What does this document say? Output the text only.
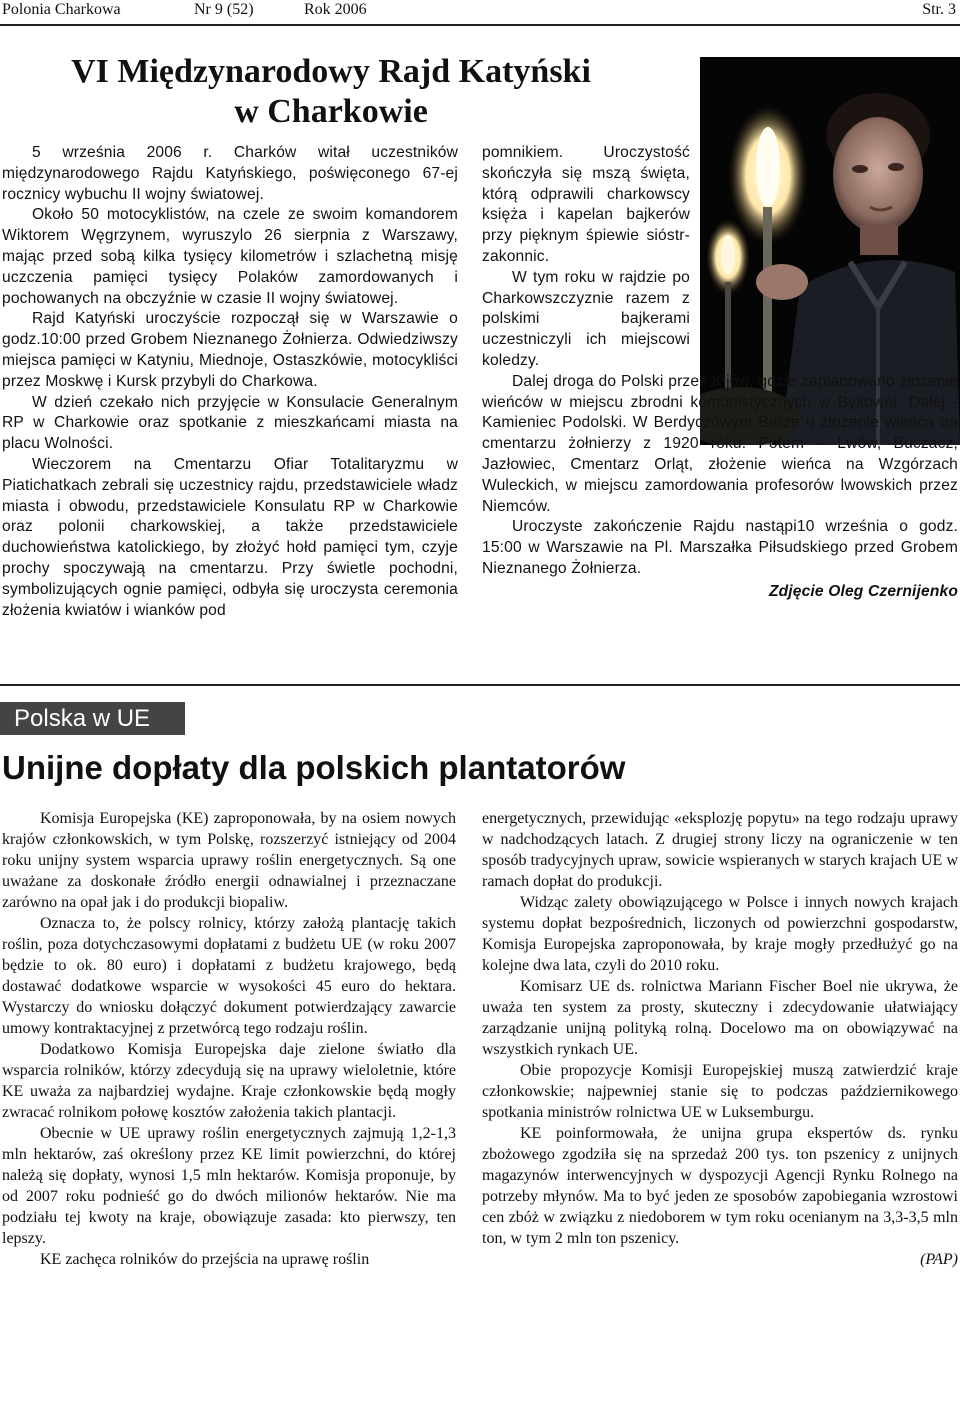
Polonia Charkowa	Nr 9 (52)	Rok 2006	Str. 3
VI Międzynarodowy Rajd Katyński
w Charkowie

5 września 2006 r. Charków witał uczestników międzynarodowego Rajdu Katyńskiego, poświęconego 67-ej rocznicy wybuchu II wojny światowej.

Około 50 motocyklistów, na czele ze swoim komandorem Wiktorem Węgrzynem, wyruszylo 26 sierpnia z Warszawy, mając przed sobą kilka tysięcy kilometrów i szlachetną misję uczczenia pamięci tysięcy Polaków zamordowanych i pochowanych na obczyźnie w czasie II wojny światowej.

Rajd Katyński uroczyście rozpoczął się w Warszawie o godz.10:00 przed Grobem Nieznanego Żołnierza. Odwiedziwszy miejsca pamięci w Katyniu, Miednoje, Ostaszkówie, motocykliści przez Moskwę i Kursk przybyli do Charkowa.

W dzień czekało nich przyjęcie w Konsulacie Generalnym RP w Charkowie oraz spotkanie z mieszkańcami miasta na placu Wolności.

Wieczorem na Cmentarzu Ofiar Totalitaryzmu w Piatichatkach zebrali się uczestnicy rajdu, przedstawiciele władz miasta i obwodu, przedstawiciele Konsulatu RP w Charkowie oraz polonii charkowskiej, a także przedstawiciele duchowieństwa katolickiego, by złożyć hołd pamięci tym, czyje prochy spoczywają na cmentarzu. Przy świetle pochodni, symbolizujących ognie pamięci, odbyła się uroczysta ceremonia złożenia kwiatów i wianków pod

pomnikiem. Uroczystość skończyła się mszą święta, którą odprawili charkowscy księża i kapelan bajkerów przy pięknym śpiewie sióstr-zakonnic.

W tym roku w rajdzie po Charkowszczyznie razem z polskimi bajkerami uczestniczyli ich miejscowi koledzy.

Dalej droga do Polski przez Kijów, gdzie zaplanowano złożenie wieńców w miejscu zbrodni komunistycznych w Bykowni. Dalej - Kamieniec Podolski. W Berdyczówym Barze u złożenie wieńca na cmentarzu żołnierzy z 1920 roku. Potem – Lwów, Buczacz, Jazłowiec, Cmentarz Orląt, złożenie wieńca na Wzgórzach Wuleckich, w miejscu zamordowania profesorów lwowskich przez Niemców.

Uroczyste zakończenie Rajdu nastąpi10 września o godz. 15:00 w Warszawie na Pl. Marszałka Piłsudskiego przed Grobem Nieznanego Żołnierza.

Zdjęcie Oleg Czernijenko

Polska w UE
Unijne dopłaty dla polskich plantatorów

Komisja Europejska (KE) zaproponowała, by na osiem nowych krajów członkowskich, w tym Polskę, rozszerzyć istniejący od 2004 roku unijny system wsparcia uprawy roślin energetycznych. Są one uważane za doskonałe źródło energii odnawialnej i przeznaczane zarówno na opał jak i do produkcji biopaliw.

Oznacza to, że polscy rolnicy, którzy założą plantację takich roślin, poza dotychczasowymi dopłatami z budżetu UE (w roku 2007 będzie to ok. 80 euro) i dopłatami z budżetu krajowego, będą dostawać dodatkowe wsparcie w wysokości 45 euro do hektara. Wystarczy do wniosku dołączyć dokument potwierdzający zawarcie umowy kontraktacyjnej z przetwórcą tego rodzaju roślin.

Dodatkowo Komisja Europejska daje zielone światło dla wsparcia rolników, którzy zdecydują się na uprawy wieloletnie, które KE uważa za najbardziej wydajne. Kraje członkowskie będą mogły zwracać rolnikom połowę kosztów założenia takich plantacji.

Obecnie w UE uprawy roślin energetycznych zajmują 1,2-1,3 mln hektarów, zaś określony przez KE limit powierzchni, do której należą się dopłaty, wynosi 1,5 mln hektarów. Komisja proponuje, by od 2007 roku podnieść go do dwóch milionów hektarów. Nie ma podziału tej kwoty na kraje, obowiązuje zasada: kto pierwszy, ten lepszy.

KE zachęca rolników do przejścia na uprawę roślin

energetycznych, przewidując «eksplozję popytu» na tego rodzaju uprawy w nadchodzących latach. Z drugiej strony liczy na ograniczenie w ten sposób tradycyjnych upraw, sowicie wspieranych w starych krajach UE w ramach dopłat do produkcji.

Widząc zalety obowiązującego w Polsce i innych nowych krajach systemu dopłat bezpośrednich, liczonych od powierzchni gospodarstw, Komisja Europejska zaproponowała, by kraje mogły przedłużyć go na kolejne dwa lata, czyli do 2010 roku.

Komisarz UE ds. rolnictwa Mariann Fischer Boel nie ukrywa, że uważa ten system za prosty, skuteczny i zdecydowanie ułatwiający zarządzanie unijną polityką rolną. Docelowo ma on obowiązywać na wszystkich rynkach UE.

Obie propozycje Komisji Europejskiej muszą zatwierdzić kraje członkowskie; najpewniej stanie się to podczas październikowego spotkania ministrów rolnictwa UE w Luksemburgu.

KE poinformowała, że unijna grupa ekspertów ds. rynku zbożowego zgodziła się na sprzedaż 200 tys. ton pszenicy z unijnych magazynów interwencyjnych w dyspozycji Agencji Rynku Rolnego na potrzeby młynów. Ma to być jeden ze sposobów zapobiegania wzrostowi cen zbóż w związku z niedoborem w tym roku ocenianym na 3,3-3,5 mln ton, w tym 2 mln ton pszenicy.

(PAP)
